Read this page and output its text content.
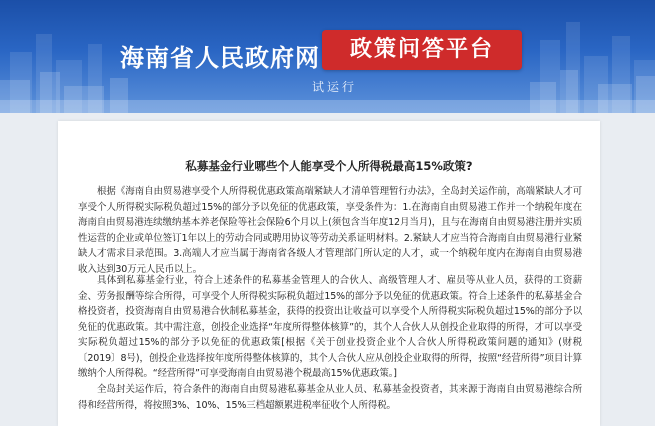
海南省人民政府网	政策问答平台
试运行
私募基金行业哪些个人能享受个人所得税最高15%政策?

根据《海南自由贸易港享受个人所得税优惠政策高端紧缺人才清单管理暂行办法》，全岛封关运作前，高端紧缺人才可享受个人所得税实际税负超过15%的部分予以免征的优惠政策，享受条件为：1.在海南自由贸易港工作并一个纳税年度在海南自由贸易港连续缴纳基本养老保险等社会保险6个月以上(须包含当年度12月当月)，且与在海南自由贸易港注册并实质性运营的企业或单位签订1年以上的劳动合同或聘用协议等劳动关系证明材料。2.紧缺人才应当符合海南自由贸易港行业紧缺人才需求目录范围。3.高端人才应当属于海南省各级人才管理部门所认定的人才，或一个纳税年度内在海南自由贸易港收入达到30万元人民币以上。

具体到私募基金行业，符合上述条件的私募基金管理人的合伙人、高级管理人才、雇员等从业人员，获得的工资薪金、劳务报酬等综合所得，可享受个人所得税实际税负超过15%的部分予以免征的优惠政策。符合上述条件的私募基金合格投资者，投资海南自由贸易港合伙制私募基金，获得的投资出让收益可以享受个人所得税实际税负超过15%的部分予以免征的优惠政策。其中需注意，创投企业选择“年度所得整体核算”的，其个人合伙人从创投企业取得的所得，才可以享受实际税负超过15%的部分予以免征的优惠政策[根据《关于创业投资企业个人合伙人所得税政策问题的通知》(财税〔2019〕8号)，创投企业选择按年度所得整体核算的，其个人合伙人应从创投企业取得的所得，按照“经营所得”项目计算缴纳个人所得税。“经营所得”可享受海南自由贸易港个税最高15%优惠政策。]

全岛封关运作后，符合条件的海南自由贸易港私募基金从业人员、私募基金投资者，其来源于海南自由贸易港综合所得和经营所得，将按照3%、10%、15%三档超额累进税率征收个人所得税。
